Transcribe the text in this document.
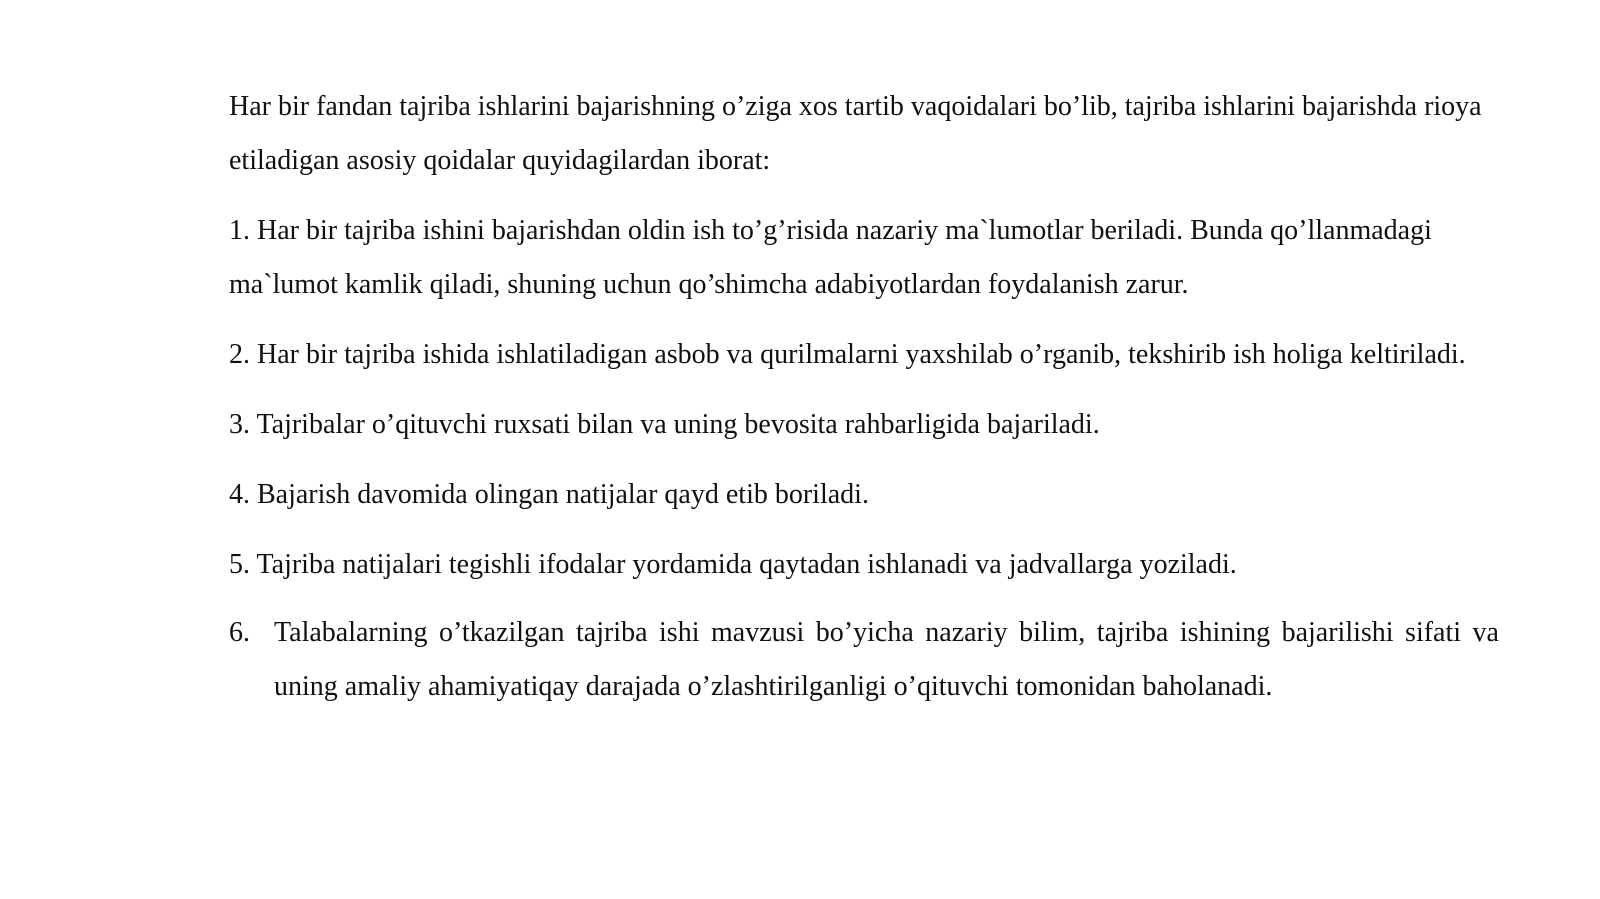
Har bir fandan tajriba ishlarini bajarishning o’ziga xos tartib vaqoidalari bo’lib, tajriba ishlarini bajarishda rioya etiladigan asosiy qoidalar quyidagilardan iborat:

1. Har bir tajriba ishini bajarishdan oldin ish to’g’risida nazariy ma`lumotlar beriladi. Bunda qo’llanmadagi ma`lumot kamlik qiladi, shuning uchun qo’shimcha adabiyotlardan foydalanish zarur.

2. Har bir tajriba ishida ishlatiladigan asbob va qurilmalarni yaxshilab o’rganib, tekshirib ish holiga keltiriladi.

3. Tajribalar o’qituvchi ruxsati bilan va uning bevosita rahbarligida bajariladi.

4. Bajarish davomida olingan natijalar qayd etib boriladi.

5. Tajriba natijalari tegishli ifodalar yordamida qaytadan ishlanadi va jadvallarga yoziladi.

6. Talabalarning o’tkazilgan tajriba ishi mavzusi bo’yicha nazariy bilim, tajriba ishining bajarilishi sifati va uning amaliy ahamiyatiqay darajada o’zlashtirilganligi o’qituvchi tomonidan baholanadi.
